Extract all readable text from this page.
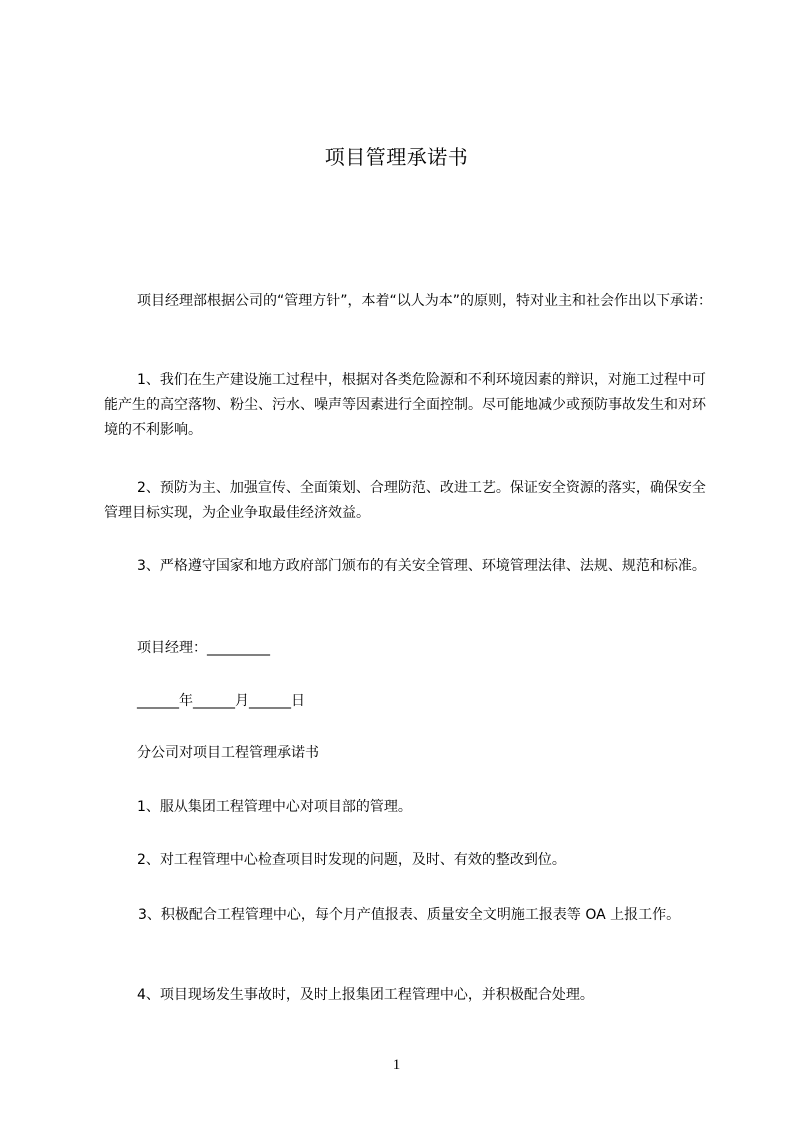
项目管理承诺书

项目经理部根据公司的“管理方针”，本着“以人为本”的原则，特对业主和社会作出以下承诺：

1、我们在生产建设施工过程中，根据对各类危险源和不利环境因素的辩识，对施工过程中可能产生的高空落物、粉尘、污水、噪声等因素进行全面控制。尽可能地减少或预防事故发生和对环境的不利影响。

2、预防为主、加强宣传、全面策划、合理防范、改进工艺。保证安全资源的落实，确保安全管理目标实现，为企业争取最佳经济效益。

3、严格遵守国家和地方政府部门颁布的有关安全管理、环境管理法律、法规、规范和标准。

项目经理：_________
______年______月______日
分公司对项目工程管理承诺书
1、服从集团工程管理中心对项目部的管理。
2、对工程管理中心检查项目时发现的问题，及时、有效的整改到位。

3、积极配合工程管理中心，每个月产值报表、质量安全文明施工报表等 OA 上报工作。

4、项目现场发生事故时，及时上报集团工程管理中心，并积极配合处理。
1
